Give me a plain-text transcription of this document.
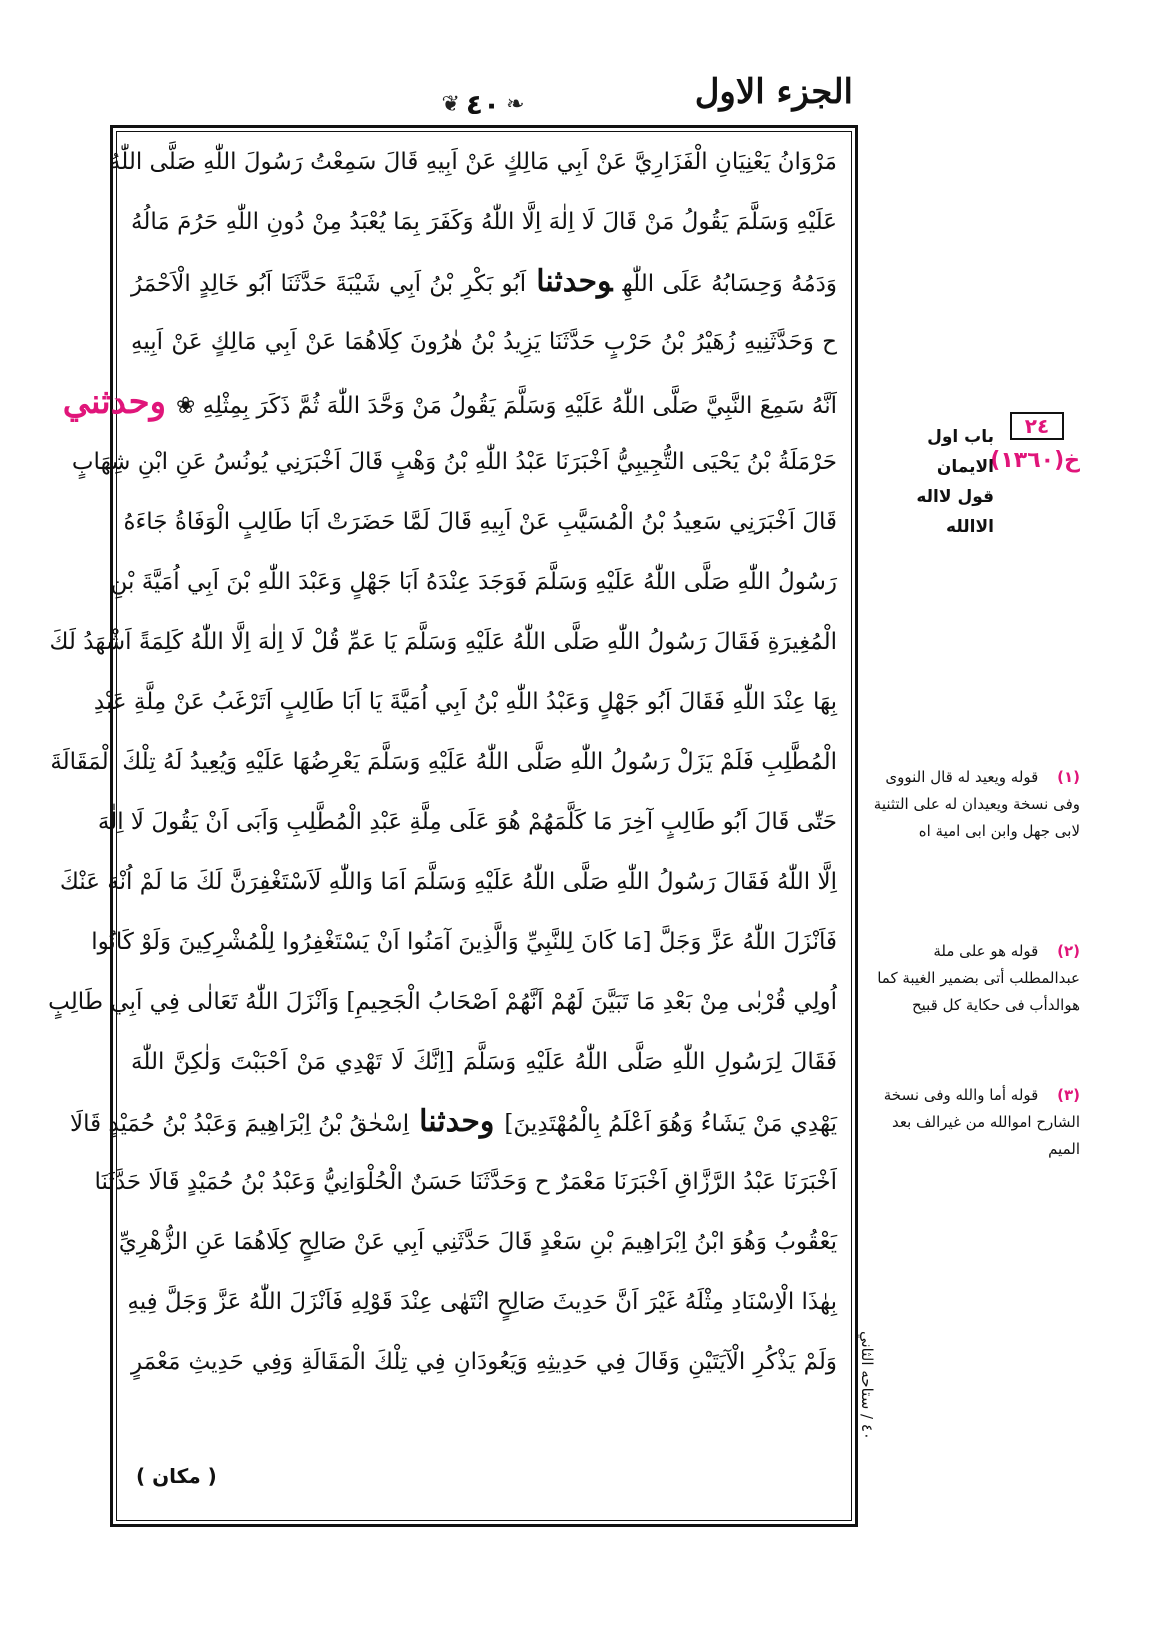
الجزء الاول
❧
٤٠
❦
مَرْوَانُ يَعْنِيَانِ الْفَزَارِيَّ عَنْ اَبِي مَالِكٍ عَنْ اَبِيهِ قَالَ سَمِعْتُ رَسُولَ اللّٰهِ صَلَّى اللّٰهُ
عَلَيْهِ وَسَلَّمَ يَقُولُ مَنْ قَالَ لَا اِلٰهَ اِلَّا اللّٰهُ وَكَفَرَ بِمَا يُعْبَدُ مِنْ دُونِ اللّٰهِ حَرُمَ مَالُهُ
وَدَمُهُ وَحِسَابُهُ عَلَى اللّٰهِوحدثنااَبُو بَكْرِ بْنُ اَبِي شَيْبَةَ حَدَّثَنَا اَبُو خَالِدٍ الْاَحْمَرُ
ح وَحَدَّثَنِيهِ زُهَيْرُ بْنُ حَرْبٍ حَدَّثَنَا يَزِيدُ بْنُ هٰرُونَ كِلَاهُمَا عَنْ اَبِي مَالِكٍ عَنْ اَبِيهِ
اَنَّهُ سَمِعَ النَّبِيَّ صَلَّى اللّٰهُ عَلَيْهِ وَسَلَّمَ يَقُولُ مَنْ وَحَّدَ اللّٰهَ ثُمَّ ذَكَرَ بِمِثْلِهِ ❀وحدثني
حَرْمَلَةُ بْنُ يَحْيَى التُّجِيبِيُّ اَخْبَرَنَا عَبْدُ اللّٰهِ بْنُ وَهْبٍ قَالَ اَخْبَرَنِي يُونُسُ عَنِ ابْنِ شِهَابٍ
قَالَ اَخْبَرَنِي سَعِيدُ بْنُ الْمُسَيَّبِ عَنْ اَبِيهِ قَالَ لَمَّا حَضَرَتْ اَبَا طَالِبٍ الْوَفَاةُ جَاءَهُ
رَسُولُ اللّٰهِ صَلَّى اللّٰهُ عَلَيْهِ وَسَلَّمَ فَوَجَدَ عِنْدَهُ اَبَا جَهْلٍ وَعَبْدَ اللّٰهِ بْنَ اَبِي اُمَيَّةَ بْنِ
الْمُغِيرَةِ فَقَالَ رَسُولُ اللّٰهِ صَلَّى اللّٰهُ عَلَيْهِ وَسَلَّمَ يَا عَمِّ قُلْ لَا اِلٰهَ اِلَّا اللّٰهُ كَلِمَةً اَشْهَدُ لَكَ
بِهَا عِنْدَ اللّٰهِ فَقَالَ اَبُو جَهْلٍ وَعَبْدُ اللّٰهِ بْنُ اَبِي اُمَيَّةَ يَا اَبَا طَالِبٍ اَتَرْغَبُ عَنْ مِلَّةِ عَبْدِ
الْمُطَّلِبِ فَلَمْ يَزَلْ رَسُولُ اللّٰهِ صَلَّى اللّٰهُ عَلَيْهِ وَسَلَّمَ يَعْرِضُهَا عَلَيْهِ وَيُعِيدُ لَهُ تِلْكَ الْمَقَالَةَ
حَتّٰى قَالَ اَبُو طَالِبٍ آخِرَ مَا كَلَّمَهُمْ هُوَ عَلَى مِلَّةِ عَبْدِ الْمُطَّلِبِ وَاَبَى اَنْ يَقُولَ لَا اِلٰهَ
اِلَّا اللّٰهُ فَقَالَ رَسُولُ اللّٰهِ صَلَّى اللّٰهُ عَلَيْهِ وَسَلَّمَ اَمَا وَاللّٰهِ لَاَسْتَغْفِرَنَّ لَكَ مَا لَمْ اُنْهَ عَنْكَ
فَاَنْزَلَ اللّٰهُ عَزَّ وَجَلَّ [مَا كَانَ لِلنَّبِيِّ وَالَّذِينَ آمَنُوا اَنْ يَسْتَغْفِرُوا لِلْمُشْرِكِينَ وَلَوْ كَانُوا
اُولِي قُرْبٰى مِنْ بَعْدِ مَا تَبَيَّنَ لَهُمْ اَنَّهُمْ اَصْحَابُ الْجَحِيمِ] وَاَنْزَلَ اللّٰهُ تَعَالٰى فِي اَبِي طَالِبٍ
فَقَالَ لِرَسُولِ اللّٰهِ صَلَّى اللّٰهُ عَلَيْهِ وَسَلَّمَ [اِنَّكَ لَا تَهْدِي مَنْ اَحْبَبْتَ وَلٰكِنَّ اللّٰهَ
يَهْدِي مَنْ يَشَاءُ وَهُوَ اَعْلَمُ بِالْمُهْتَدِينَ]وحدثنااِسْحٰقُ بْنُ اِبْرَاهِيمَ وَعَبْدُ بْنُ حُمَيْدٍ قَالَا
اَخْبَرَنَا عَبْدُ الرَّزَّاقِ اَخْبَرَنَا مَعْمَرٌ ح وَحَدَّثَنَا حَسَنٌ الْحُلْوَانِيُّ وَعَبْدُ بْنُ حُمَيْدٍ قَالَا حَدَّثَنَا
يَعْقُوبُ وَهُوَ ابْنُ اِبْرَاهِيمَ بْنِ سَعْدٍ قَالَ حَدَّثَنِي اَبِي عَنْ صَالِحٍ كِلَاهُمَا عَنِ الزُّهْرِيِّ
بِهٰذَا الْاِسْنَادِ مِثْلَهُ غَيْرَ اَنَّ حَدِيثَ صَالِحٍ انْتَهٰى عِنْدَ قَوْلِهِ فَاَنْزَلَ اللّٰهُ عَزَّ وَجَلَّ فِيهِ
وَلَمْ يَذْكُرِ الْآيَتَيْنِ وَقَالَ فِي حَدِيثِهِ وَيَعُودَانِ فِي تِلْكَ الْمَقَالَةِ وَفِي حَدِيثِ مَعْمَرٍ
٢٤
خ(١٣٦٠)
باب اول الايمان
قول لااله الاالله
(١) قوله ويعيد له قال النووى وفى نسخة ويعيدان له على التثنية لابى جهل وابن ابى امية اه
(٢) قوله هو على ملة عبدالمطلب أتى بضمير الغيبة كما هوالدأب فى حكاية كل قبيح
(٣) قوله أما والله وفى نسخة الشارح اموالله من غيرالف بعد الميم
٤٠ / ستاحه الثاني
( مكان )
